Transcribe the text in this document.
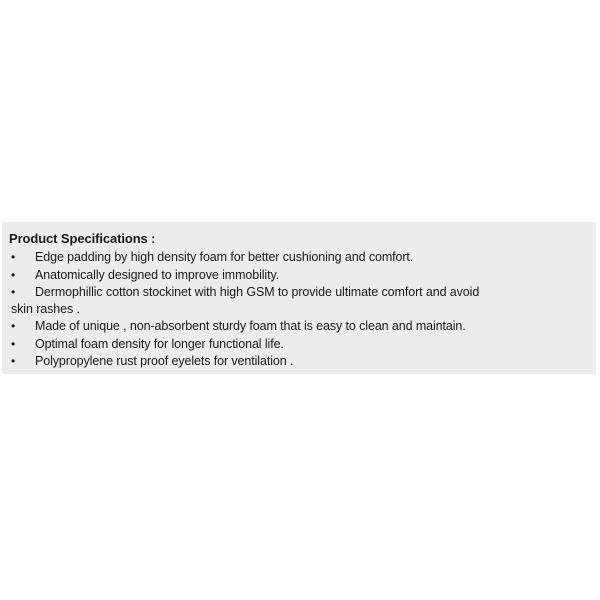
Product Specifications :
• Edge padding by high density foam for better cushioning and comfort.
• Anatomically designed to improve immobility.
• Dermophillic cotton stockinet with high GSM to provide ultimate comfort and avoid
skin rashes .
• Made of unique , non-absorbent sturdy foam that is easy to clean and maintain.
• Optimal foam density for longer functional life.
• Polypropylene rust proof eyelets for ventilation .
